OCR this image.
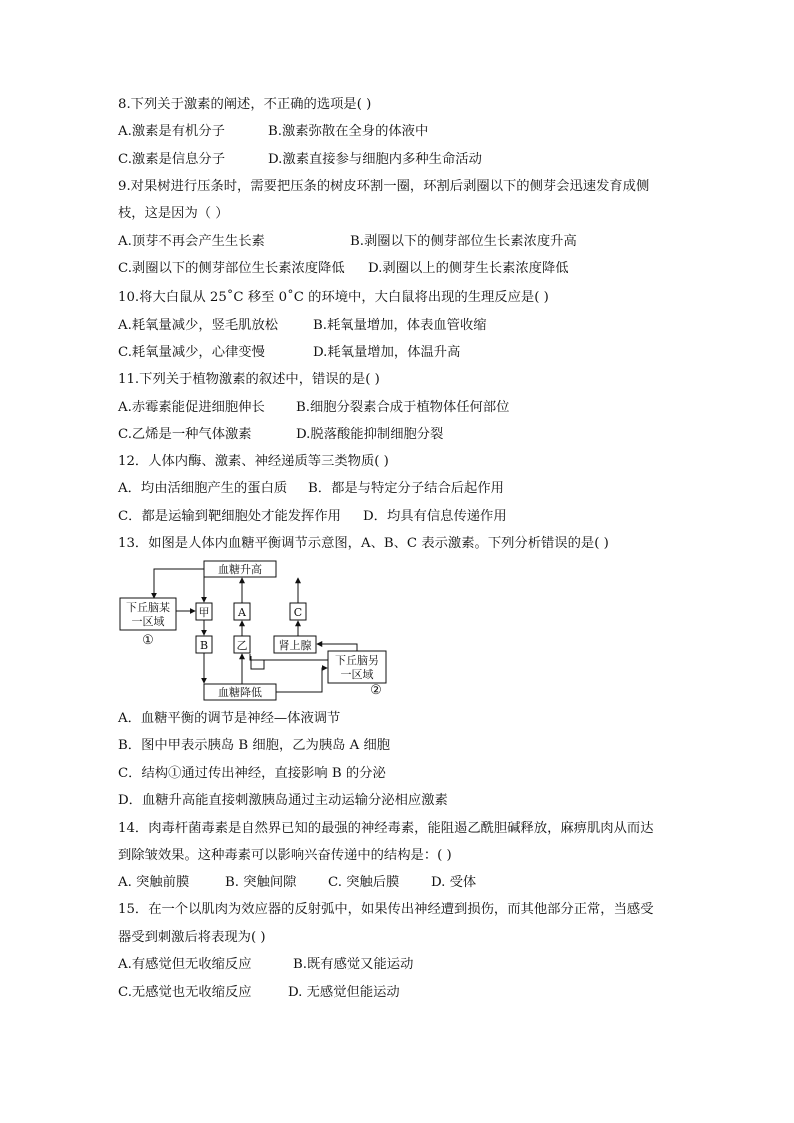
8.下列关于激素的阐述，不正确的选项是( )
A.激素是有机分子	B.激素弥散在全身的体液中
C.激素是信息分子	D.激素直接参与细胞内多种生命活动
9.对果树进行压条时，需要把压条的树皮环割一圈，环割后剥圈以下的侧芽会迅速发育成侧
枝，这是因为（ ）
A.顶芽不再会产生生长素	B.剥圈以下的侧芽部位生长素浓度升高
C.剥圈以下的侧芽部位生长素浓度降低 D.剥圈以上的侧芽生长素浓度降低
10.将大白鼠从 25˚C 移至 0˚C 的环境中，大白鼠将出现的生理反应是( )
A.耗氧量减少，竖毛肌放松	B.耗氧量增加，体表血管收缩
C.耗氧量减少，心律变慢	D.耗氧量增加，体温升高
11.下列关于植物激素的叙述中，错误的是( )
A.赤霉素能促进细胞伸长 B.细胞分裂素合成于植物体任何部位
C.乙烯是一种气体激素	D.脱落酸能抑制细胞分裂
12．人体内酶、激素、神经递质等三类物质( )
A．均由活细胞产生的蛋白质 B．都是与特定分子结合后起作用
C．都是运输到靶细胞处才能发挥作用 D．均具有信息传递作用
13．如图是人体内血糖平衡调节示意图，A、B、C 表示激素。下列分析错误的是( )
血糖升高
血糖降低
下丘脑某
一区域
①
甲	A	C
B	乙	肾上腺
下丘脑另
一区域
②
A．血糖平衡的调节是神经—体液调节
B．图中甲表示胰岛 B 细胞，乙为胰岛 A 细胞
C．结构①通过传出神经，直接影响 B 的分泌
D．血糖升高能直接刺激胰岛通过主动运输分泌相应激素
14．肉毒杆菌毒素是自然界已知的最强的神经毒素，能阻遏乙酰胆碱释放，麻痹肌肉从而达
到除皱效果。这种毒素可以影响兴奋传递中的结构是：( )
A. 突触前膜	B. 突触间隙 C. 突触后膜 D. 受体
15．在一个以肌肉为效应器的反射弧中，如果传出神经遭到损伤，而其他部分正常，当感受
器受到刺激后将表现为( )
A.有感觉但无收缩反应	B.既有感觉又能运动
C.无感觉也无收缩反应	D. 无感觉但能运动
